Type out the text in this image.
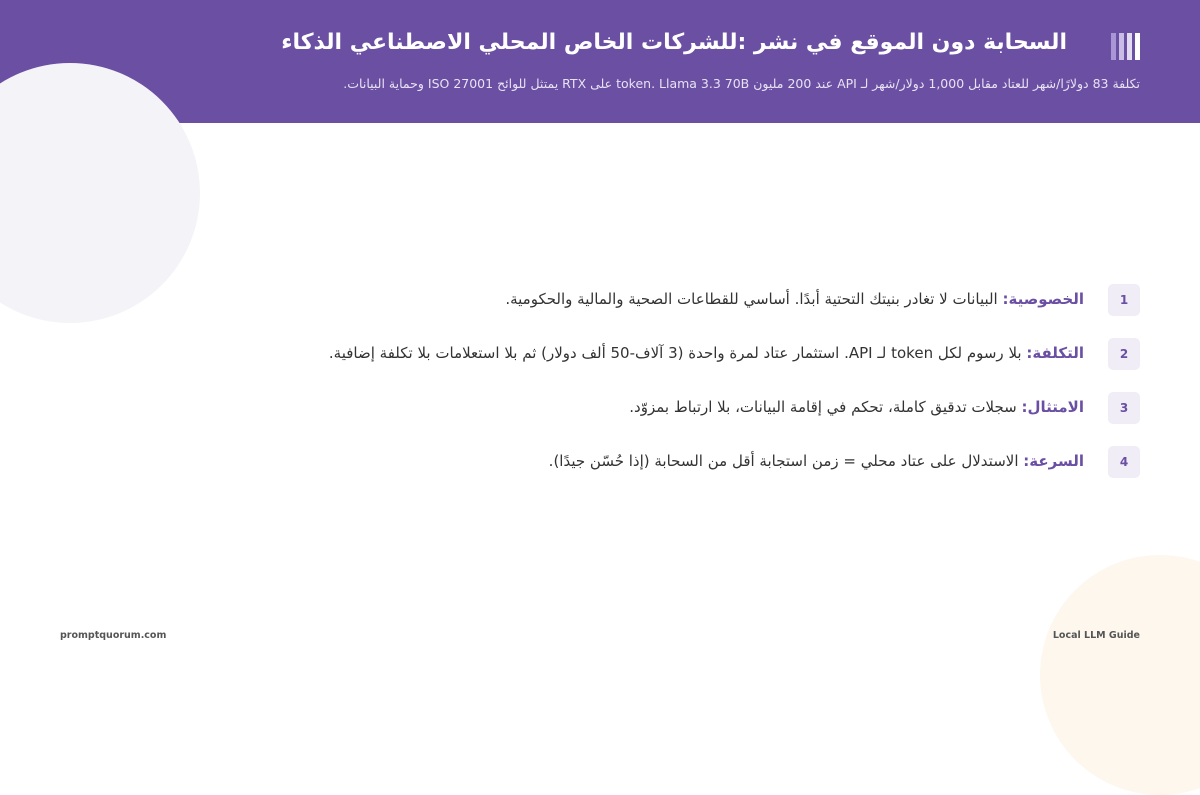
السحابة دون الموقع في نشر :للشركات الخاص المحلي الاصطناعي الذكاء
تكلفة 83 دولارًا/شهر للعتاد مقابل 1,000 دولار/شهر لـ API عند 200 مليون token. Llama 3.3 70B على RTX يمتثل للوائح ISO 27001 وحماية البيانات.
1
الخصوصية: البيانات لا تغادر بنيتك التحتية أبدًا. أساسي للقطاعات الصحية والمالية والحكومية.
2
التكلفة: بلا رسوم لكل token لـ API. استثمار عتاد لمرة واحدة (3 آلاف-50 ألف دولار) ثم بلا استعلامات بلا تكلفة إضافية.
3
الامتثال: سجلات تدقيق كاملة، تحكم في إقامة البيانات، بلا ارتباط بمزوّد.
4
السرعة: الاستدلال على عتاد محلي = زمن استجابة أقل من السحابة (إذا حُسّن جيدًا).
promptquorum.com	Local LLM Guide
